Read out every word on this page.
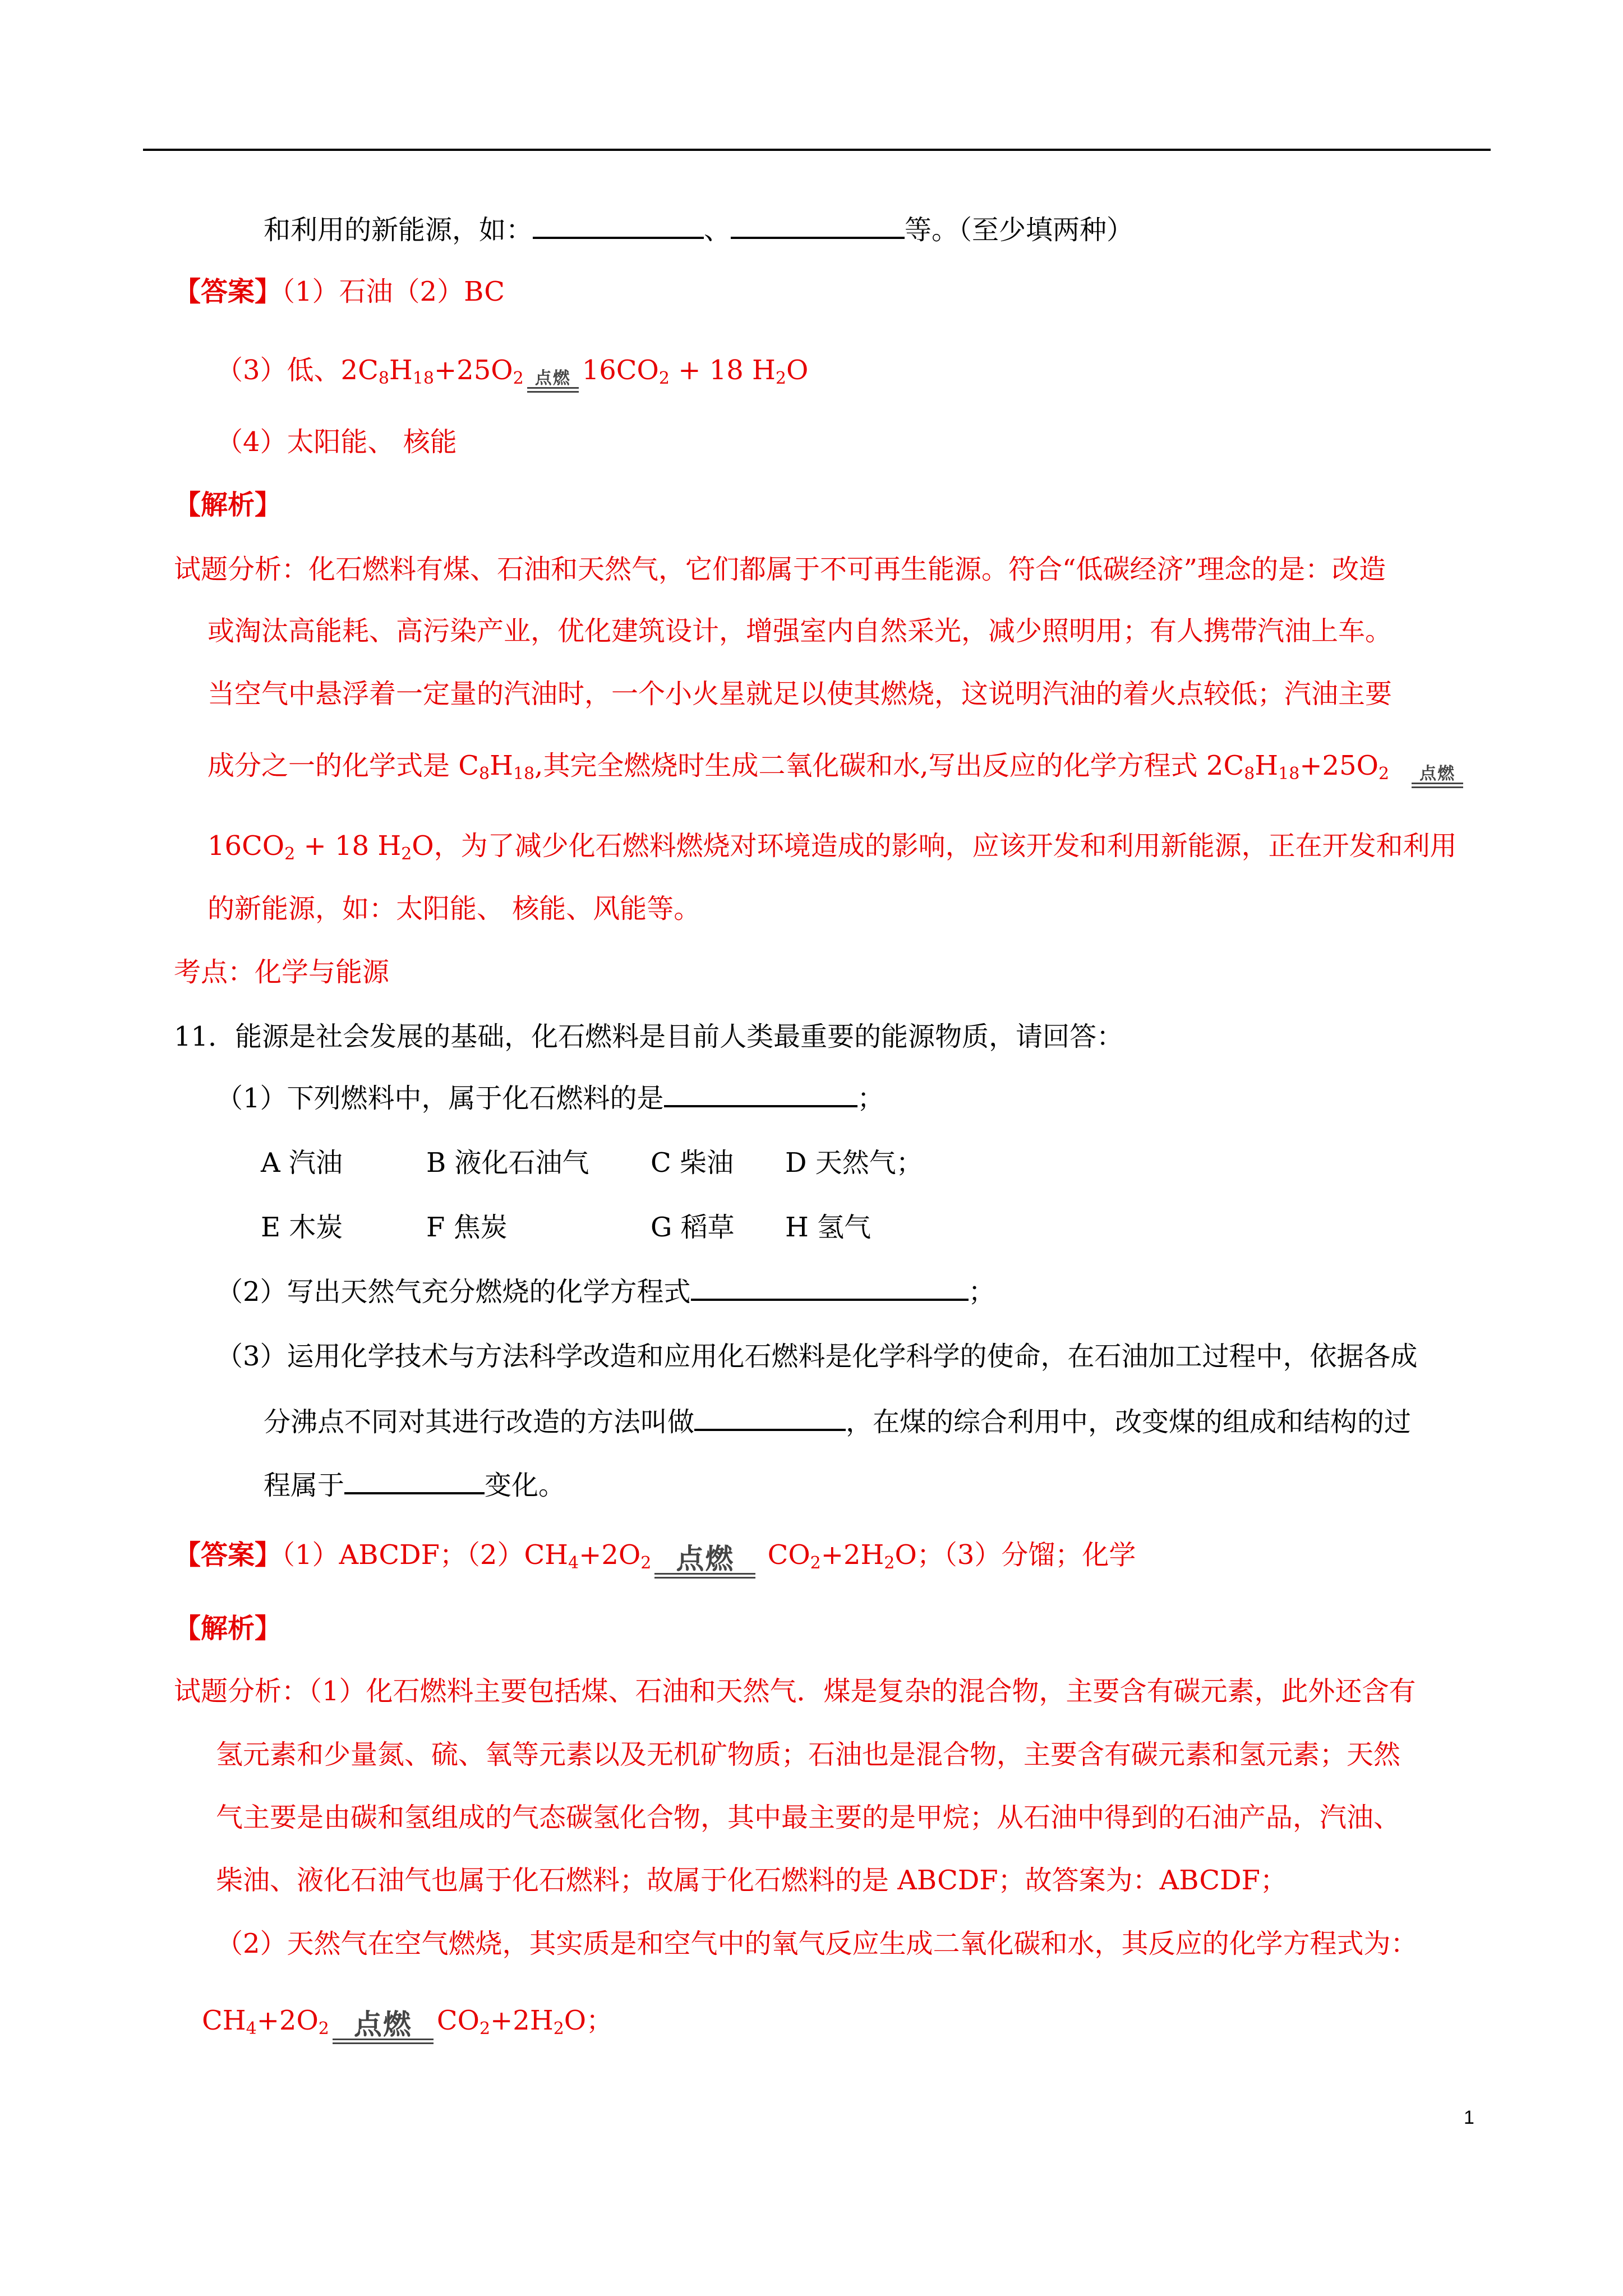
和利用的新能源，如：	、	等。（至少填两种）
【答案】（1）石油（2）BC
（3）低、$2C_8H_{18}+25O_2$ 点燃 $16CO_2 + 18$ $H_2O$
（4）太阳能、 核能
【解析】
试题分析：化石燃料有煤、石油和天然气，它们都属于不可再生能源。符合“低碳经济”理念的是：改造
或淘汰高能耗、高污染产业，优化建筑设计，增强室内自然采光，减少照明用；有人携带汽油上车。
当空气中悬浮着一定量的汽油时，一个小火星就足以使其燃烧，这说明汽油的着火点较低；汽油主要
成分之一的化学式是 $C_8H_{18}$,其完全燃烧时生成二氧化碳和水,写出反应的化学方程式 $2C_8H_{18}+25O_2$ 点燃
$16CO_2 + 18$ $H_2O$，为了减少化石燃料燃烧对环境造成的影响，应该开发和利用新能源，正在开发和利用
的新能源，如：太阳能、 核能、风能等。
考点：化学与能源
11．能源是社会发展的基础，化石燃料是目前人类最重要的能源物质，请回答：
（1）下列燃料中，属于化石燃料的是	；
A 汽油	B 液化石油气 C 柴油 D 天然气；
E 木炭	F 焦炭	G 稻草 H 氢气
（2）写出天然气充分燃烧的化学方程式	；
（3）运用化学技术与方法科学改造和应用化石燃料是化学科学的使命，在石油加工过程中，依据各成
分沸点不同对其进行改造的方法叫做	，在煤的综合利用中，改变煤的组成和结构的过
程属于	变化。
【答案】（1）ABCDF；$(2)CH_4+2O_2$ 点燃 $CO_2+2H_2O$；（3）分馏；化学
【解析】
试题分析：（1）化石燃料主要包括煤、石油和天然气．煤是复杂的混合物，主要含有碳元素，此外还含有
氢元素和少量氮、硫、氧等元素以及无机矿物质；石油也是混合物，主要含有碳元素和氢元素；天然
气主要是由碳和氢组成的气态碳氢化合物，其中最主要的是甲烷；从石油中得到的石油产品，汽油、
柴油、液化石油气也属于化石燃料；故属于化石燃料的是 ABCDF；故答案为：ABCDF；
（2）天然气在空气燃烧，其实质是和空气中的氧气反应生成二氧化碳和水，其反应的化学方程式为：
$CH_4+2O_2$ 点燃 $CO_2+2H_2O$；
1
